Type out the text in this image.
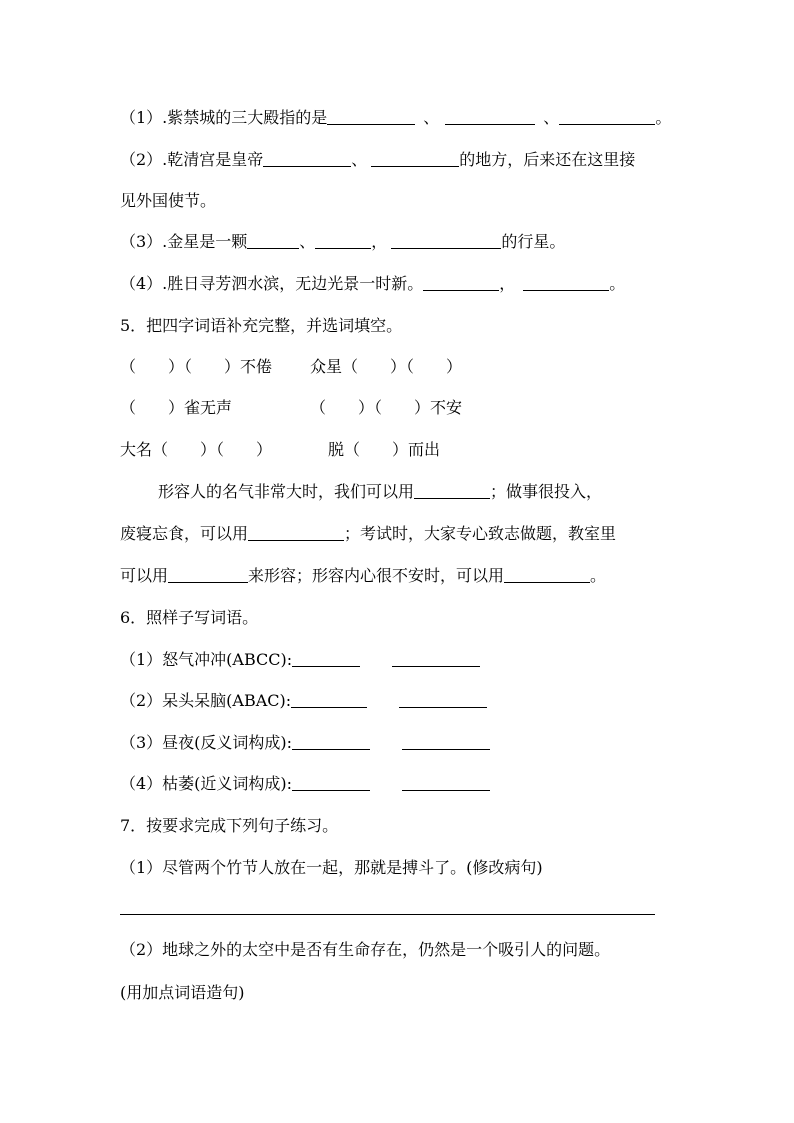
（1）.紫禁城的三大殿指的是	、	、	。
（2）.乾清宫是皇帝	、	的地方，后来还在这里接
见外国使节。
（3）.金星是一颗	、	，	的行星。
（4）.胜日寻芳泗水滨，无边光景一时新。	，	。
5．把四字词语补充完整，并选词填空。
（　　）（　　）不倦 众星（　　）（　　）
（　　）雀无声	（　　）（　　）不安
大名（　　）（　　）	脱（　　）而出
形容人的名气非常大时，我们可以用	；做事很投入，
废寝忘食，可以用	；考试时，大家专心致志做题，教室里
可以用	来形容；形容内心很不安时，可以用	。
6．照样子写词语。
（1）怒气冲冲(ABCC):
（2）呆头呆脑(ABAC):
（3）昼夜(反义词构成):
（4）枯萎(近义词构成):
7．按要求完成下列句子练习。
（1）尽管两个竹节人放在一起，那就是搏斗了。(修改病句)
（2）地球之外的太空中是否有生命存在，仍然是一个吸引人的问题。
(用加点词语造句)
